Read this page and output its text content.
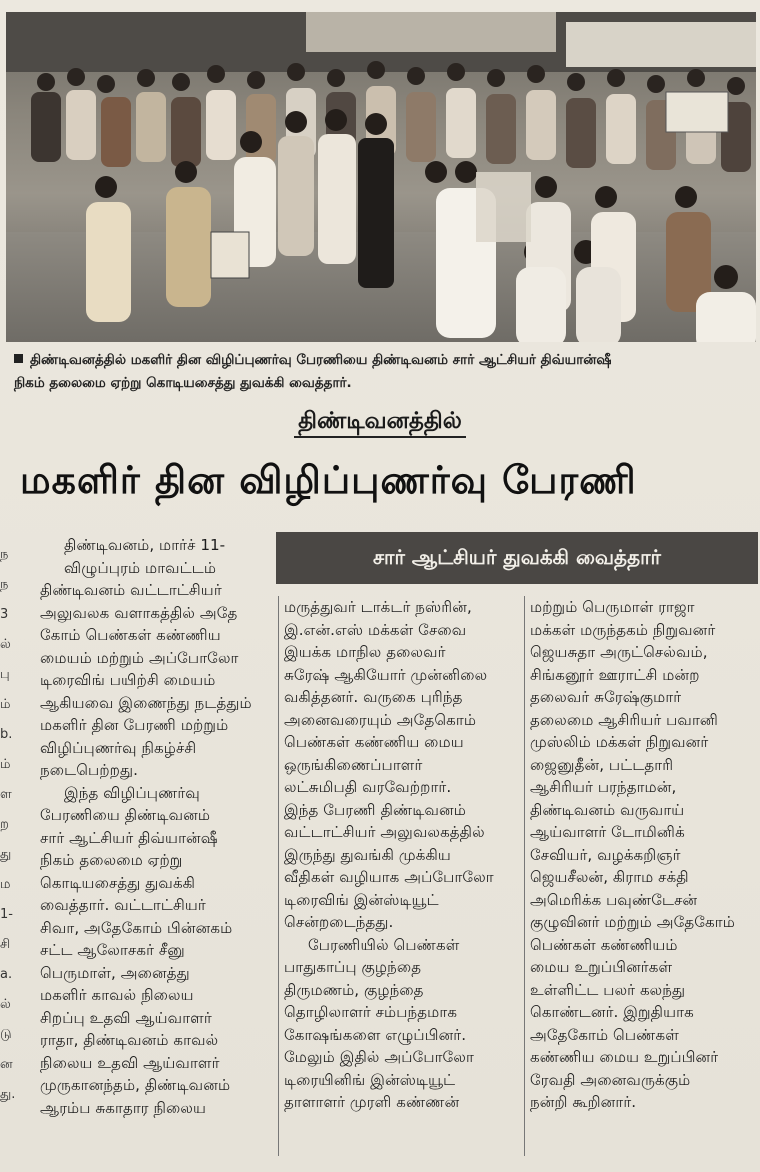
திண்டிவனத்தில் மகளிர் தின விழிப்புணர்வு பேரணியை திண்டிவனம் சார் ஆட்சியர் திவ்யான்ஷீ
நிகம் தலைமை ஏற்று கொடியசைத்து துவக்கி வைத்தார்.
திண்டிவனத்தில்
மகளிர் தின விழிப்புணர்வு பேரணி
சார் ஆட்சியர் துவக்கி வைத்தார்
ந
ந
3
ல்
பு
ம்
b.
ம்
ள
ற
து
ம
1-
சி
a.
ல்
டு
ன
து.
திண்டிவனம், மார்ச் 11-
விழுப்புரம் மாவட்டம்
திண்டிவனம் வட்டாட்சியர்
அலுவலக வளாகத்தில் அதே
கோம் பெண்கள் கண்ணிய
மையம் மற்றும் அப்போலோ
டிரைவிங் பயிற்சி மையம்
ஆகியவை இணைந்து நடத்தும்
மகளிர் தின பேரணி மற்றும்
விழிப்புணர்வு நிகழ்ச்சி
நடைபெற்றது.
இந்த விழிப்புணர்வு
பேரணியை திண்டிவனம்
சார் ஆட்சியர் திவ்யான்ஷீ
நிகம் தலைமை ஏற்று
கொடியசைத்து துவக்கி
வைத்தார். வட்டாட்சியர்
சிவா, அதேகோம் பின்னகம்
சட்ட ஆலோசகர் சீனு
பெருமாள், அனைத்து
மகளிர் காவல் நிலைய
சிறப்பு உதவி ஆய்வாளர்
ராதா, திண்டிவனம் காவல்
நிலைய உதவி ஆய்வாளர்
முருகானந்தம், திண்டிவனம்
ஆரம்ப சுகாதார நிலைய
மருத்துவர் டாக்டர் நஸ்ரின்,
இ.என்.எஸ் மக்கள் சேவை
இயக்க மாநில தலைவர்
சுரேஷ் ஆகியோர் முன்னிலை
வகித்தனர். வருகை புரிந்த
அனைவரையும் அதேகொம்
பெண்கள் கண்ணிய மைய
ஒருங்கிணைப்பாளர்
லட்சுமிபதி வரவேற்றார்.
இந்த பேரணி திண்டிவனம்
வட்டாட்சியர் அலுவலகத்தில்
இருந்து துவங்கி முக்கிய
வீதிகள் வழியாக அப்போலோ
டிரைவிங் இன்ஸ்டியூட்
சென்றடைந்தது.
பேரணியில் பெண்கள்
பாதுகாப்பு குழந்தை
திருமணம், குழந்தை
தொழிலாளர் சம்பந்தமாக
கோஷங்களை எழுப்பினர்.
மேலும் இதில் அப்போலோ
டிரையினிங் இன்ஸ்டியூட்
தாளாளர் முரளி கண்ணன்
மற்றும் பெருமாள் ராஜா
மக்கள் மருந்தகம் நிறுவனர்
ஜெயசுதா அருட்செல்வம்,
சிங்கனூர் ஊராட்சி மன்ற
தலைவர் சுரேஷ்குமார்
தலைமை ஆசிரியர் பவானி
முஸ்லிம் மக்கள் நிறுவனர்
ஜைனுதீன், பட்டதாரி
ஆசிரியர் பரந்தாமன்,
திண்டிவனம் வருவாய்
ஆய்வாளர் டோமினிக்
சேவியர், வழக்கறிஞர்
ஜெயசீலன், கிராம சக்தி
அமெரிக்க பவுண்டேசன்
குழுவினர் மற்றும் அதேகோம்
பெண்கள் கண்ணியம்
மைய உறுப்பினர்கள்
உள்ளிட்ட பலர் கலந்து
கொண்டனர். இறுதியாக
அதேகோம் பெண்கள்
கண்ணிய மைய உறுப்பினர்
ரேவதி அனைவருக்கும்
நன்றி கூறினார்.
